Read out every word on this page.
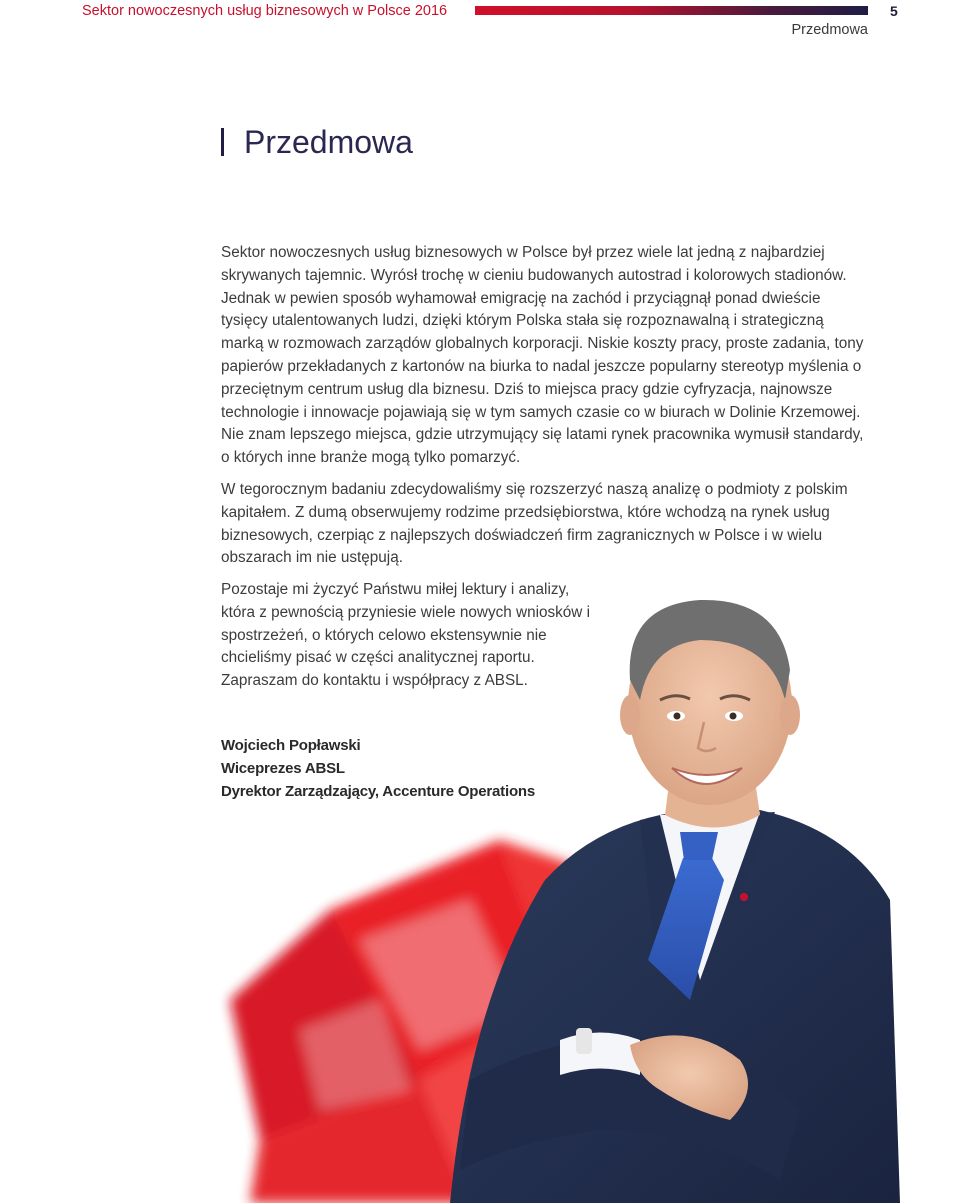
Sektor nowoczesnych usług biznesowych w Polsce 2016	5
Przedmowa
Przedmowa

Sektor nowoczesnych usług biznesowych w Polsce był przez wiele lat jedną z najbardziej skrywanych tajemnic. Wyrósł trochę w cieniu budowanych autostrad i kolorowych stadionów. Jednak w pewien sposób wyhamował emigrację na zachód i przyciągnął ponad dwieście tysięcy utalentowanych ludzi, dzięki którym Polska stała się rozpoznawalną i strategiczną marką w rozmowach zarządów globalnych korporacji. Niskie koszty pracy, proste zadania, tony papierów przekładanych z kartonów na biurka to nadal jeszcze popularny stereotyp myślenia o przeciętnym centrum usług dla biznesu. Dziś to miejsca pracy gdzie cyfryzacja, najnowsze technologie i innowacje pojawiają się w tym samych czasie co w biurach w Dolinie Krzemowej. Nie znam lepszego miejsca, gdzie utrzymujący się latami rynek pracownika wymusił standardy, o których inne branże mogą tylko pomarzyć.

W tegorocznym badaniu zdecydowaliśmy się rozszerzyć naszą analizę o podmioty z polskim kapitałem. Z dumą obserwujemy rodzime przedsiębiorstwa, które wchodzą na rynek usług biznesowych, czerpiąc z najlepszych doświadczeń firm zagranicznych w Polsce i w wielu obszarach im nie ustępują.

Pozostaje mi życzyć Państwu miłej lektury i analizy, która z pewnością przyniesie wiele nowych wniosków i spostrzeżeń, o których celowo ekstensywnie nie chcieliśmy pisać w części analitycznej raportu. Zapraszam do kontaktu i współpracy z ABSL.

Wojciech Popławski
Wiceprezes ABSL
Dyrektor Zarządzający, Accenture Operations
